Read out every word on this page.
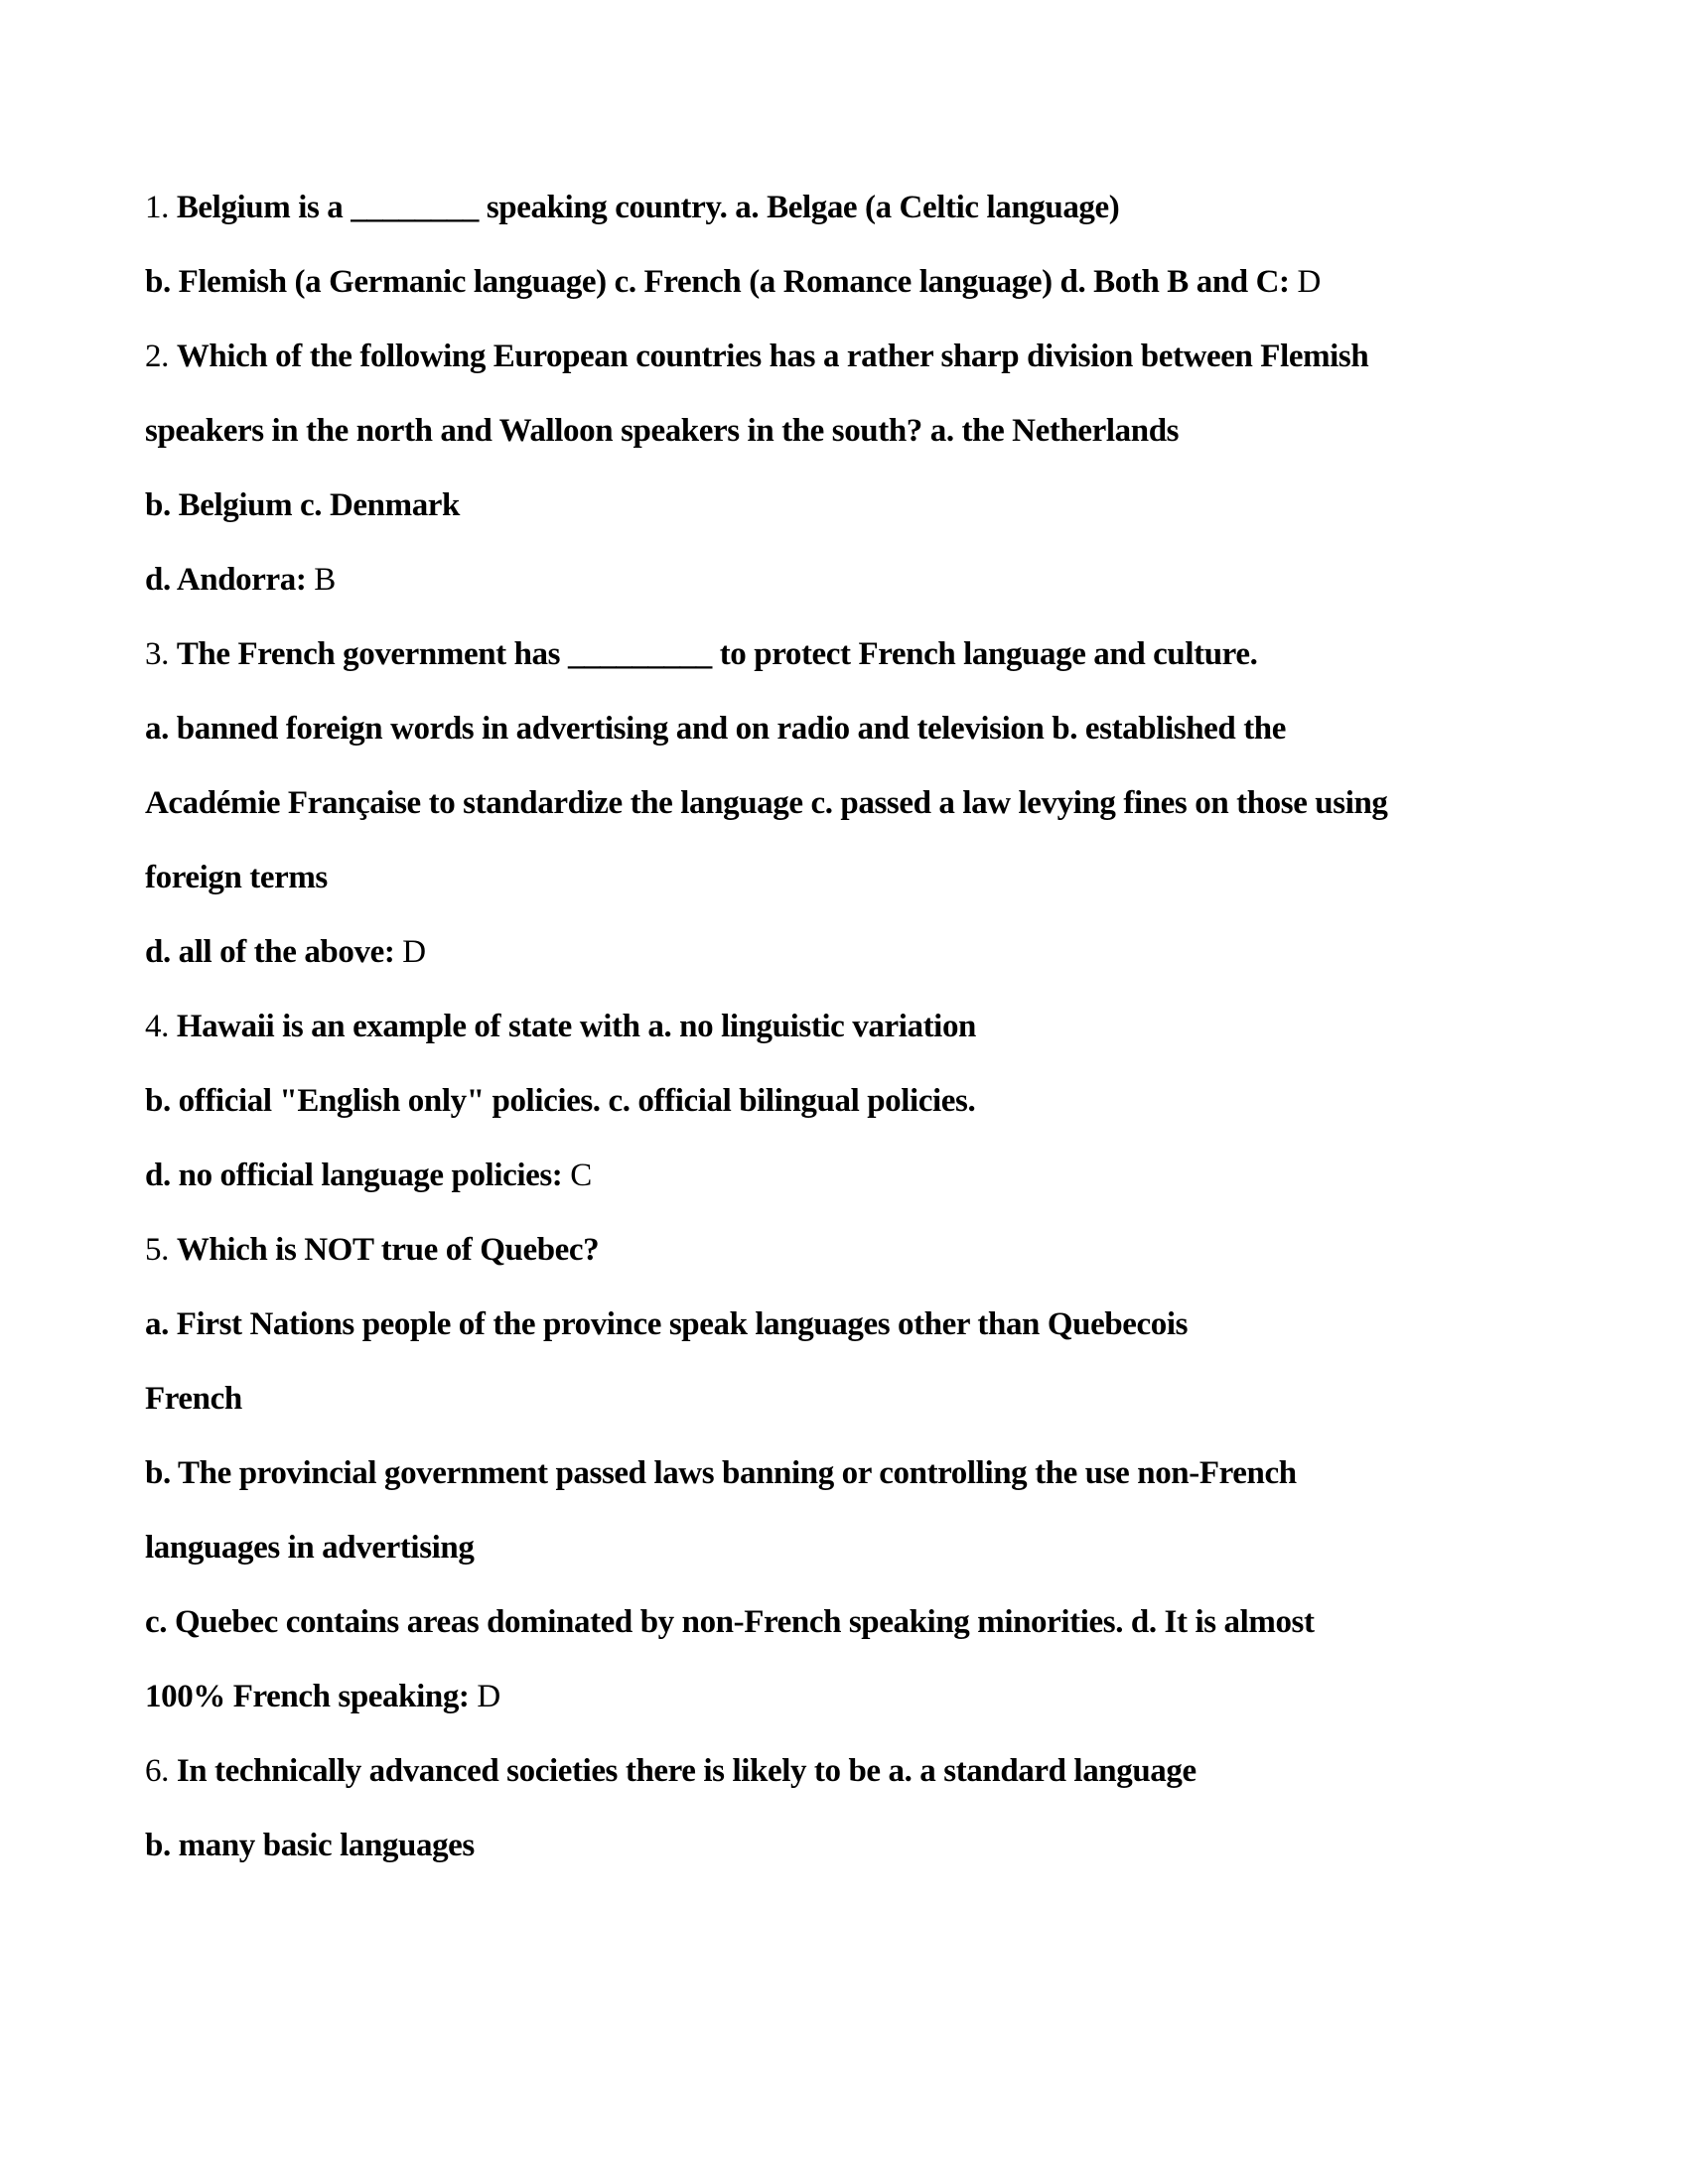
1. Belgium is a ________ speaking country. a. Belgae (a Celtic language)
b. Flemish (a Germanic language) c. French (a Romance language) d. Both B and C: D
2. Which of the following European countries has a rather sharp division between Flemish
speakers in the north and Walloon speakers in the south? a. the Netherlands
b. Belgium c. Denmark
d. Andorra: B
3. The French government has _________ to protect French language and culture.
a. banned foreign words in advertising and on radio and television b. established the
Académie Française to standardize the language c. passed a law levying fines on those using
foreign terms
d. all of the above: D
4. Hawaii is an example of state with a. no linguistic variation
b. official "English only" policies. c. official bilingual policies.
d. no official language policies: C
5. Which is NOT true of Quebec?
a. First Nations people of the province speak languages other than Quebecois
French
b. The provincial government passed laws banning or controlling the use non-French
languages in advertising
c. Quebec contains areas dominated by non-French speaking minorities. d. It is almost
100% French speaking: D
6. In technically advanced societies there is likely to be a. a standard language
b. many basic languages
